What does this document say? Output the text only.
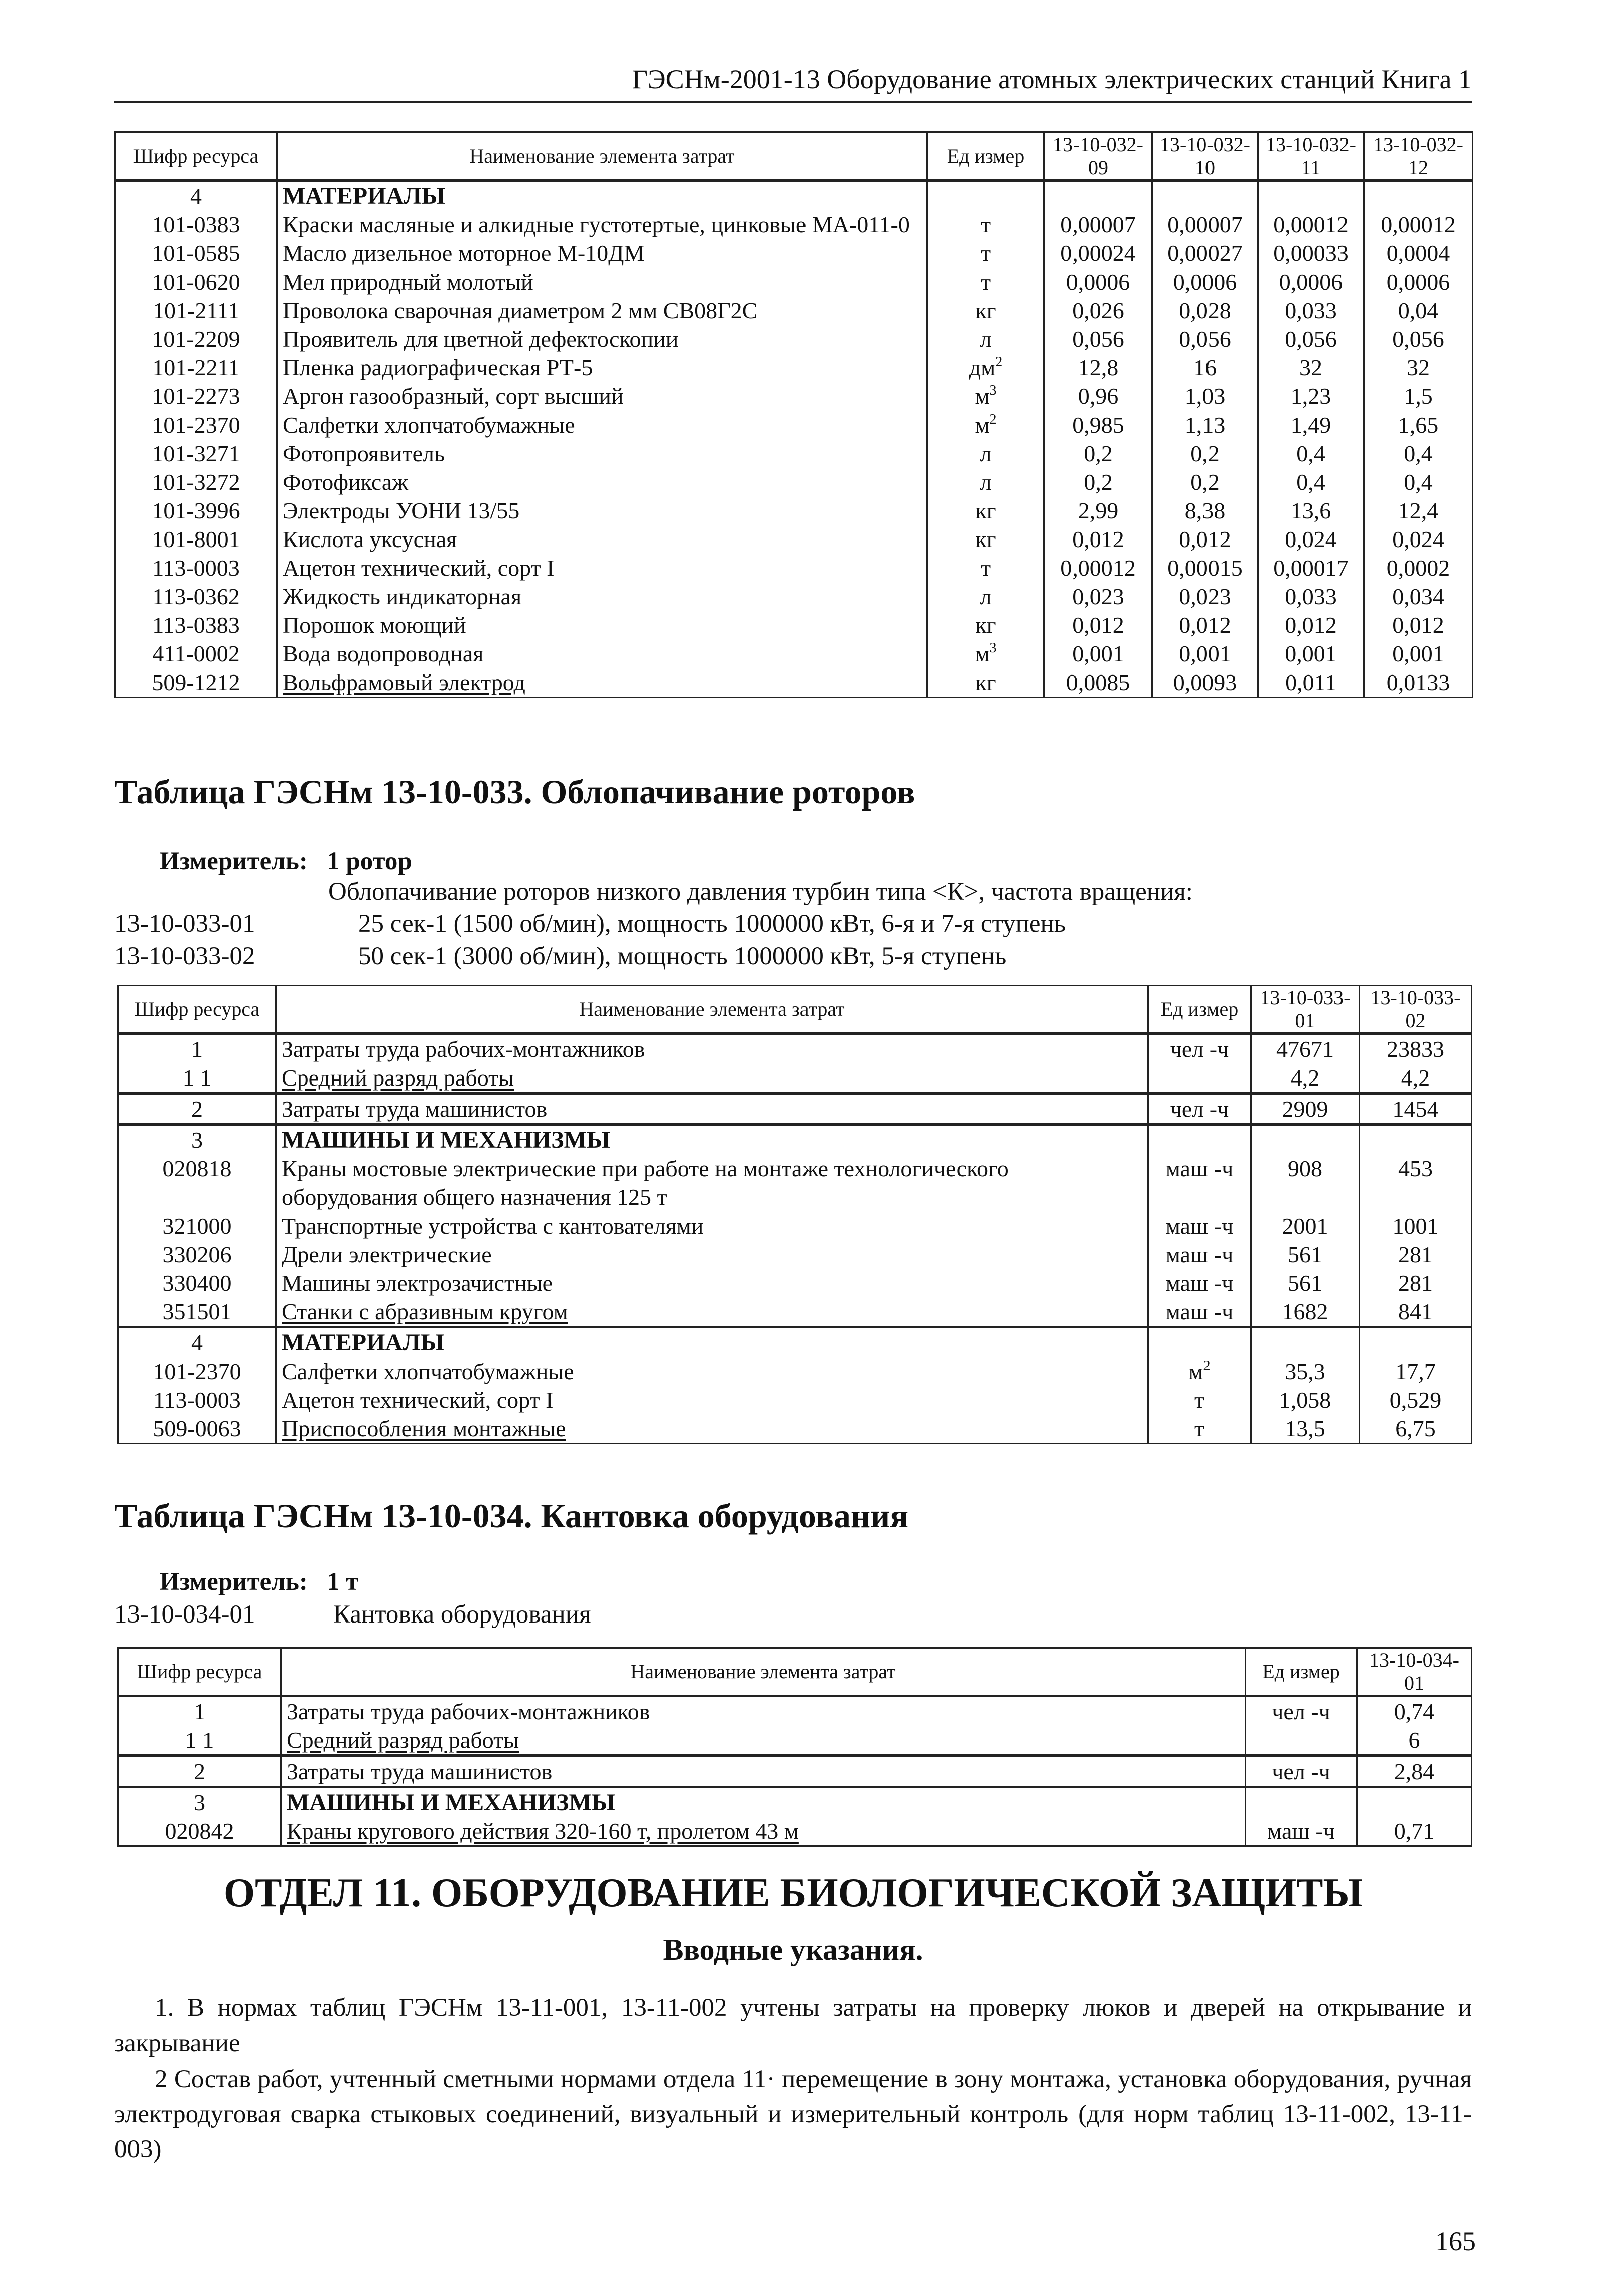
ГЭСНм-2001-13 Оборудование атомных электрических станций Книга 1
Шифр ресурса	Наименование элемента затрат	Ед измер	13-10-032-09	13-10-032-10	13-10-032-11	13-10-032-12
4	МАТЕРИАЛЫ					
101-0383	Краски масляные и алкидные густотертые, цинковые МА-011-0	т	0,00007	0,00007	0,00012	0,00012
101-0585	Масло дизельное моторное М-10ДМ	т	0,00024	0,00027	0,00033	0,0004
101-0620	Мел природный молотый	т	0,0006	0,0006	0,0006	0,0006
101-2111	Проволока сварочная диаметром 2 мм СВ08Г2С	кг	0,026	0,028	0,033	0,04
101-2209	Проявитель для цветной дефектоскопии	л	0,056	0,056	0,056	0,056
101-2211	Пленка радиографическая РТ-5	$дм^2$	12,8	16	32	32
101-2273	Аргон газообразный, сорт высший	$м^3$	0,96	1,03	1,23	1,5
101-2370	Салфетки хлопчатобумажные	$м^2$	0,985	1,13	1,49	1,65
101-3271	Фотопроявитель	л	0,2	0,2	0,4	0,4
101-3272	Фотофиксаж	л	0,2	0,2	0,4	0,4
101-3996	Электроды УОНИ 13/55	кг	2,99	8,38	13,6	12,4
101-8001	Кислота уксусная	кг	0,012	0,012	0,024	0,024
113-0003	Ацетон технический, сорт I	т	0,00012	0,00015	0,00017	0,0002
113-0362	Жидкость индикаторная	л	0,023	0,023	0,033	0,034
113-0383	Порошок моющий	кг	0,012	0,012	0,012	0,012
411-0002	Вода водопроводная	$м^3$	0,001	0,001	0,001	0,001
509-1212	Вольфрамовый электрод	кг	0,0085	0,0093	0,011	0,0133
Таблица ГЭСНм 13-10-033. Облопачивание роторов
Измеритель: 1 ротор
Облопачивание роторов низкого давления турбин типа <К>, частота вращения:
13-10-033-01	25 сек-1 (1500 об/мин), мощность 1000000 кВт, 6-я и 7-я ступень
13-10-033-02	50 сек-1 (3000 об/мин), мощность 1000000 кВт, 5-я ступень
Шифр ресурса	Наименование элемента затрат	Ед измер	13-10-033-01	13-10-033-02
1	Затраты труда рабочих-монтажников	чел -ч	47671	23833
1 1	Средний разряд работы		4,2	4,2
2	Затраты труда машинистов	чел -ч	2909	1454
3	МАШИНЫ И МЕХАНИЗМЫ			
020818	Краны мостовые электрические при работе на монтаже технологического оборудования общего назначения 125 т	маш -ч	908	453
321000	Транспортные устройства с кантователями	маш -ч	2001	1001
330206	Дрели электрические	маш -ч	561	281
330400	Машины электрозачистные	маш -ч	561	281
351501	Станки с абразивным кругом	маш -ч	1682	841
4	МАТЕРИАЛЫ			
101-2370	Салфетки хлопчатобумажные	$м^2$	35,3	17,7
113-0003	Ацетон технический, сорт I	т	1,058	0,529
509-0063	Приспособления монтажные	т	13,5	6,75
Таблица ГЭСНм 13-10-034. Кантовка оборудования
Измеритель: 1 т
13-10-034-01	Кантовка оборудования
Шифр ресурса	Наименование элемента затрат	Ед измер	13-10-034-01
1	Затраты труда рабочих-монтажников	чел -ч	0,74
1 1	Средний разряд работы		6
2	Затраты труда машинистов	чел -ч	2,84
3	МАШИНЫ И МЕХАНИЗМЫ		
020842	Краны кругового действия 320-160 т, пролетом 43 м	маш -ч	0,71
ОТДЕЛ 11. ОБОРУДОВАНИЕ БИОЛОГИЧЕСКОЙ ЗАЩИТЫ
Вводные указания.
1. В нормах таблиц ГЭСНм 13-11-001, 13-11-002 учтены затраты на проверку люков и дверей на открывание и закрывание
2 Состав работ, учтенный сметными нормами отдела 11· перемещение в зону монтажа, установка оборудования, ручная электродуговая сварка стыковых соединений, визуальный и измерительный контроль (для норм таблиц 13-11-002, 13-11-003)
165
